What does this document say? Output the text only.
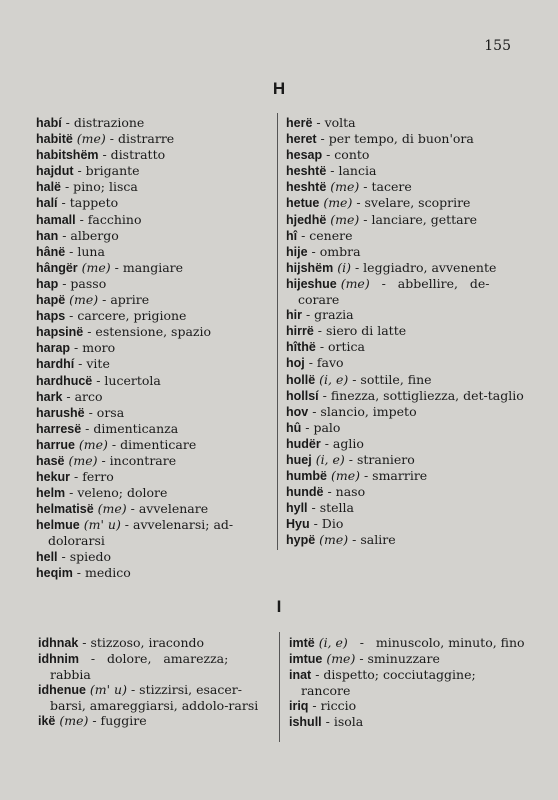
155
H
I

habí - distrazione

habitë (me) - distrarre

habitshëm - distratto

hajdut - brigante

halë - pino; lisca

halí - tappeto

hamall - facchino

han - albergo

hânë - luna

hângër (me) - mangiare

hap - passo

hapë (me) - aprire

haps - carcere, prigione

hapsinë - estensione, spazio

harap - moro

hardhí - vite

hardhucë - lucertola

hark - arco

harushë - orsa

harresë - dimenticanza

harrue (me) - dimenticare

hasë (me) - incontrare

hekur - ferro

helm - veleno; dolore

helmatisë (me) - avvelenare

helmue (m' u) - avvelenarsi; ad-dolorarsi

hell - spiedo

heqim - medico

herë - volta

heret - per tempo, di buon'ora

hesap - conto

heshtë - lancia

heshtë (me) - tacere

hetue (me) - svelare, scoprire

hjedhë (me) - lanciare, gettare

hî - cenere

hije - ombra

hijshëm (i) - leggiadro, avvenente

hijeshue (me)   -   abbellire,   de-corare

hir - grazia

hirrë - siero di latte

hîthë - ortica

hoj - favo

hollë (i, e) - sottile, fine

hollsí - finezza, sottigliezza, det-taglio

hov - slancio, impeto

hû - palo

hudër - aglio

huej (i, e) - straniero

humbë (me) - smarrire

hundë - naso

hyll - stella

Hyu - Dio

hypë (me) - salire

idhnak - stizzoso, iracondo

idhnim   -   dolore,   amarezza;   rabbia

idhenue (m' u) - stizzirsi, esacer-barsi, amareggiarsi, addolo-rarsi

ikë (me) - fuggire

imtë (i, e)   -   minuscolo, minuto, fino

imtue (me) - sminuzzare

inat - dispetto; cocciutaggine; rancore

iriq - riccio

ishull - isola
